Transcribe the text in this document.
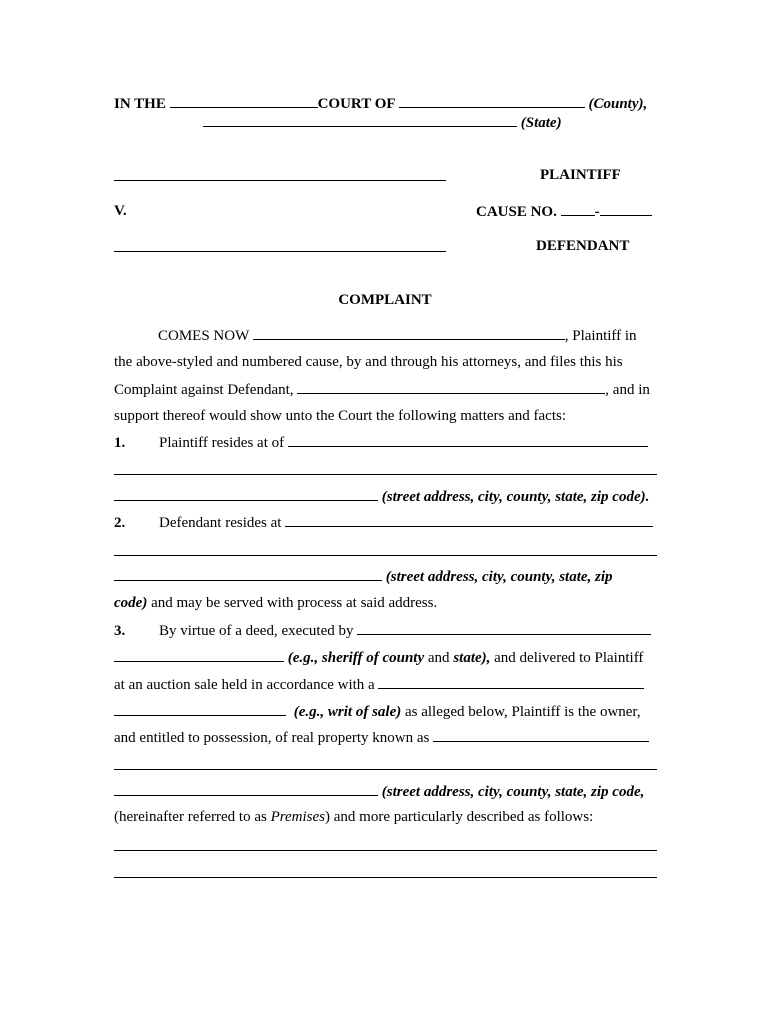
IN THE	COURT OF	(County),
(State)
PLAINTIFF
V.	CAUSE NO.	-
DEFENDANT
COMPLAINT
COMES NOW	, Plaintiff in
the above-styled and numbered cause, by and through his attorneys, and files this his
Complaint against Defendant,	, and in
support thereof would show unto the Court the following matters and facts:
1. Plaintiff resides at of
(street address, city, county, state, zip code).
2. Defendant resides at
(street address, city, county, state, zip
code) and may be served with process at said address.
3. By virtue of a deed, executed by
(e.g., sheriff of county and state), and delivered to Plaintiff
at an auction sale held in accordance with a
(e.g., writ of sale) as alleged below, Plaintiff is the owner,
and entitled to possession, of real property known as
(street address, city, county, state, zip code,
(hereinafter referred to as Premises) and more particularly described as follows:
